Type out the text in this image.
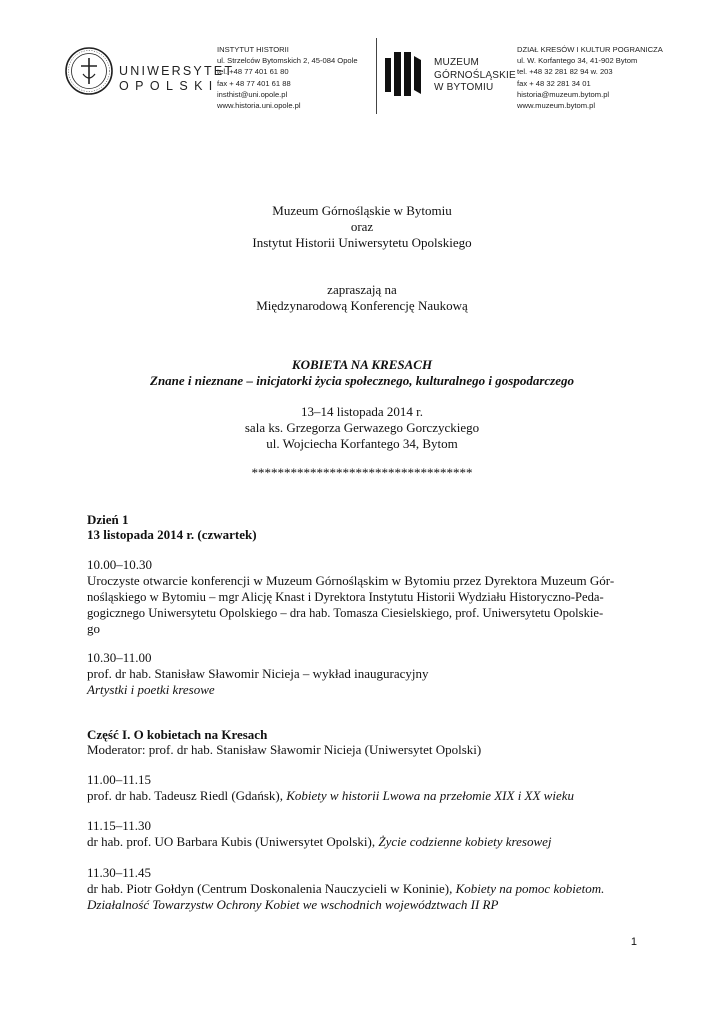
UNIWERSYTET
OPOLSKI
INSTYTUT HISTORII
ul. Strzelców Bytomskich 2, 45-084 Opole
tel. +48 77 401 61 80
fax + 48 77 401 61 88
insthist@uni.opole.pl
www.historia.uni.opole.pl
MUZEUM
GÓRNOŚLĄSKIE
W BYTOMIU
DZIAŁ KRESÓW I KULTUR POGRANICZA
ul. W. Korfantego 34, 41-902 Bytom
tel. +48 32 281 82 94 w. 203
fax + 48 32 281 34 01
historia@muzeum.bytom.pl
www.muzeum.bytom.pl
Muzeum Górnośląskie w Bytomiu
oraz
Instytut Historii Uniwersytetu Opolskiego
zapraszają na
Międzynarodową Konferencję Naukową
KOBIETA NA KRESACH
Znane i nieznane – inicjatorki życia społecznego, kulturalnego i gospodarczego
13–14 listopada 2014 r.
sala ks. Grzegorza Gerwazego Gorczyckiego
ul. Wojciecha Korfantego 34, Bytom
**********************************
Dzień 1
13 listopada 2014 r. (czwartek)
10.00–10.30
Uroczyste otwarcie konferencji w Muzeum Górnośląskim w Bytomiu przez Dyrektora Muzeum Gór-
nośląskiego w Bytomiu – mgr Alicję Knast i Dyrektora Instytutu Historii Wydziału Historyczno-Peda-
gogicznego Uniwersytetu Opolskiego – dra hab. Tomasza Ciesielskiego, prof. Uniwersytetu Opolskie-
go
10.30–11.00
prof. dr hab. Stanisław Sławomir Nicieja – wykład inauguracyjny
Artystki i poetki kresowe
Część I. O kobietach na Kresach
Moderator: prof. dr hab. Stanisław Sławomir Nicieja (Uniwersytet Opolski)
11.00–11.15
prof. dr hab. Tadeusz Riedl (Gdańsk), Kobiety w historii Lwowa na przełomie XIX i XX wieku
11.15–11.30
dr hab. prof. UO Barbara Kubis (Uniwersytet Opolski), Życie codzienne kobiety kresowej
11.30–11.45
dr hab. Piotr Gołdyn (Centrum Doskonalenia Nauczycieli w Koninie), Kobiety na pomoc kobietom.
Działalność Towarzystw Ochrony Kobiet we wschodnich województwach II RP
1
